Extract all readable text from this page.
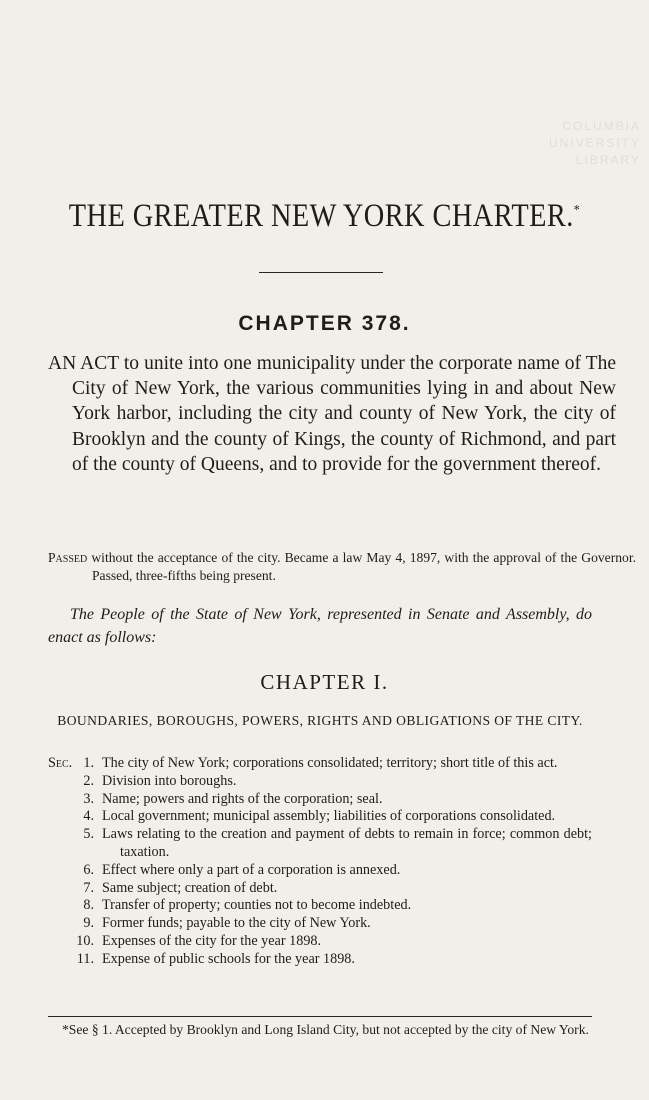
COLUMBIA
UNIVERSITY
LIBRARY
THE GREATER NEW YORK CHARTER.*
CHAPTER 378.
AN ACT to unite into one municipality under the corporate name of The City of New York, the various communities lying in and about New York harbor, including the city and county of New York, the city of Brooklyn and the county of Kings, the county of Richmond, and part of the county of Queens, and to provide for the government thereof.
Passed without the acceptance of the city. Became a law May 4, 1897, with the approval of the Governor. Passed, three-fifths being present.
The People of the State of New York, represented in Senate and Assembly, do enact as follows:
CHAPTER I.
BOUNDARIES, BOROUGHS, POWERS, RIGHTS AND OBLIGATIONS OF THE CITY.
Sec. 1. The city of New York; corporations consolidated; territory; short title of this act.
2. Division into boroughs.
3. Name; powers and rights of the corporation; seal.
4. Local government; municipal assembly; liabilities of corporations consolidated.
5. Laws relating to the creation and payment of debts to remain in force; common debt; taxation.
6. Effect where only a part of a corporation is annexed.
7. Same subject; creation of debt.
8. Transfer of property; counties not to become indebted.
9. Former funds; payable to the city of New York.
10. Expenses of the city for the year 1898.
11. Expense of public schools for the year 1898.
*See § 1. Accepted by Brooklyn and Long Island City, but not accepted by the city of New York.
